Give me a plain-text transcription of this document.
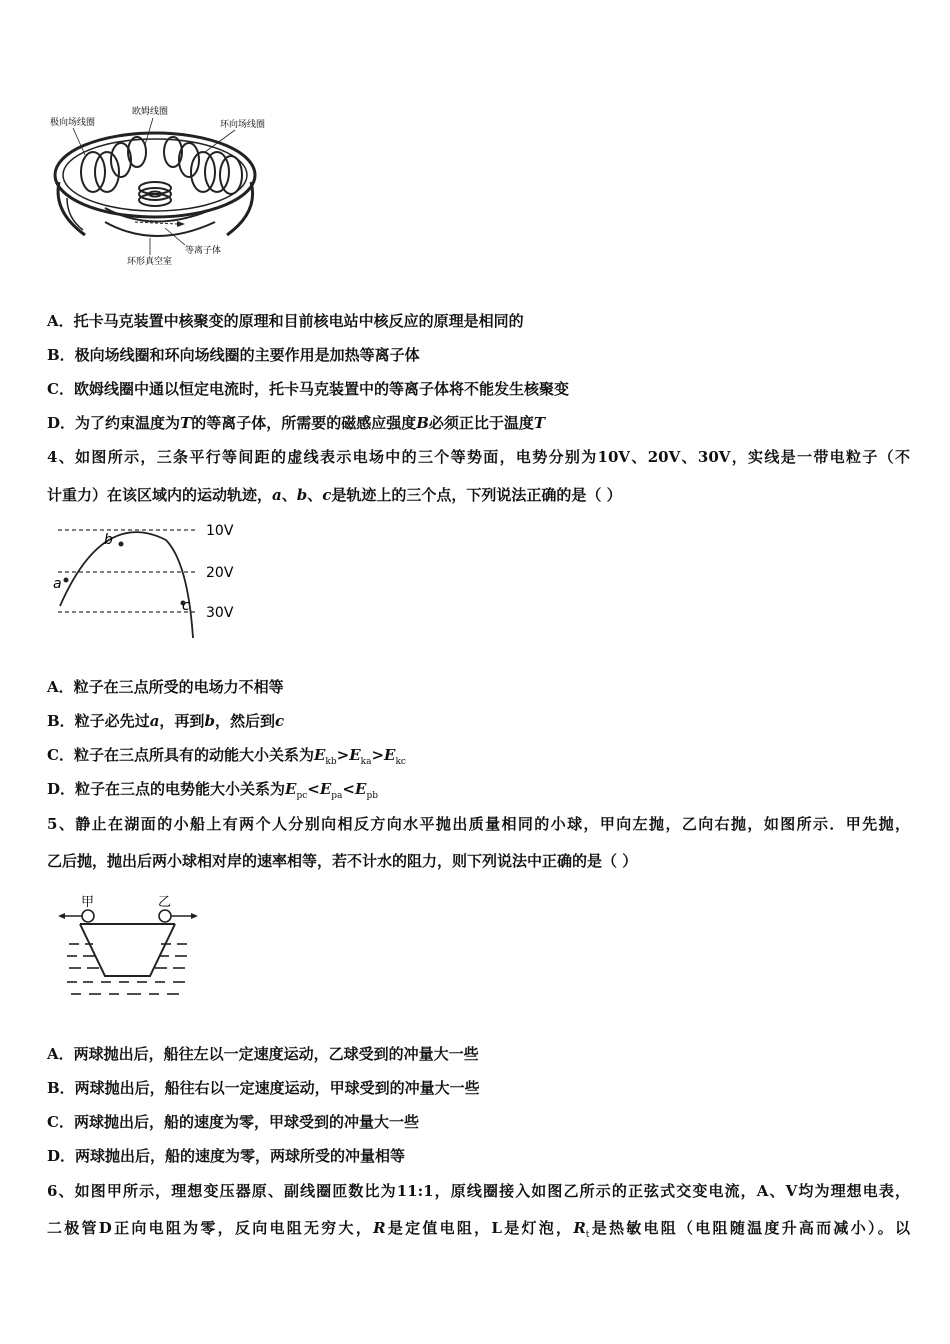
极向场线圈
欧姆线圈
环向场线圈
等离子体
环形真空室
A．托卡马克装置中核聚变的原理和目前核电站中核反应的原理是相同的
B．极向场线圈和环向场线圈的主要作用是加热等离子体
C．欧姆线圈中通以恒定电流时，托卡马克装置中的等离子体将不能发生核聚变
D．为了约束温度为T的等离子体，所需要的磁感应强度B必须正比于温度T
4、如图所示，三条平行等间距的虚线表示电场中的三个等势面，电势分别为10V、20V、30V，实线是一带电粒子（不
计重力）在该区域内的运动轨迹，a、b、c是轨迹上的三个点，下列说法正确的是（ ）
a
b
c
10V
20V
30V
A．粒子在三点所受的电场力不相等
B．粒子必先过a，再到b，然后到c
C．粒子在三点所具有的动能大小关系为$E_{kb}>E_{ka}>E_{kc}$
D．粒子在三点的电势能大小关系为$E_{pc}<E_{pa}<E_{pb}$
5、静止在湖面的小船上有两个人分别向相反方向水平抛出质量相同的小球，甲向左抛，乙向右抛，如图所示．甲先抛，
乙后抛，抛出后两小球相对岸的速率相等，若不计水的阻力，则下列说法中正确的是（ ）
甲	乙
A．两球抛出后，船往左以一定速度运动，乙球受到的冲量大一些
B．两球抛出后，船往右以一定速度运动，甲球受到的冲量大一些
C．两球抛出后，船的速度为零，甲球受到的冲量大一些
D．两球抛出后，船的速度为零，两球所受的冲量相等
6、如图甲所示，理想变压器原、副线圈匝数比为11:1，原线圈接入如图乙所示的正弦式交变电流，A、V均为理想电表，
二极管D正向电阻为零，反向电阻无穷大，R是定值电阻，L是灯泡，$R_t$是热敏电阻（电阻随温度升高而减小）。以
